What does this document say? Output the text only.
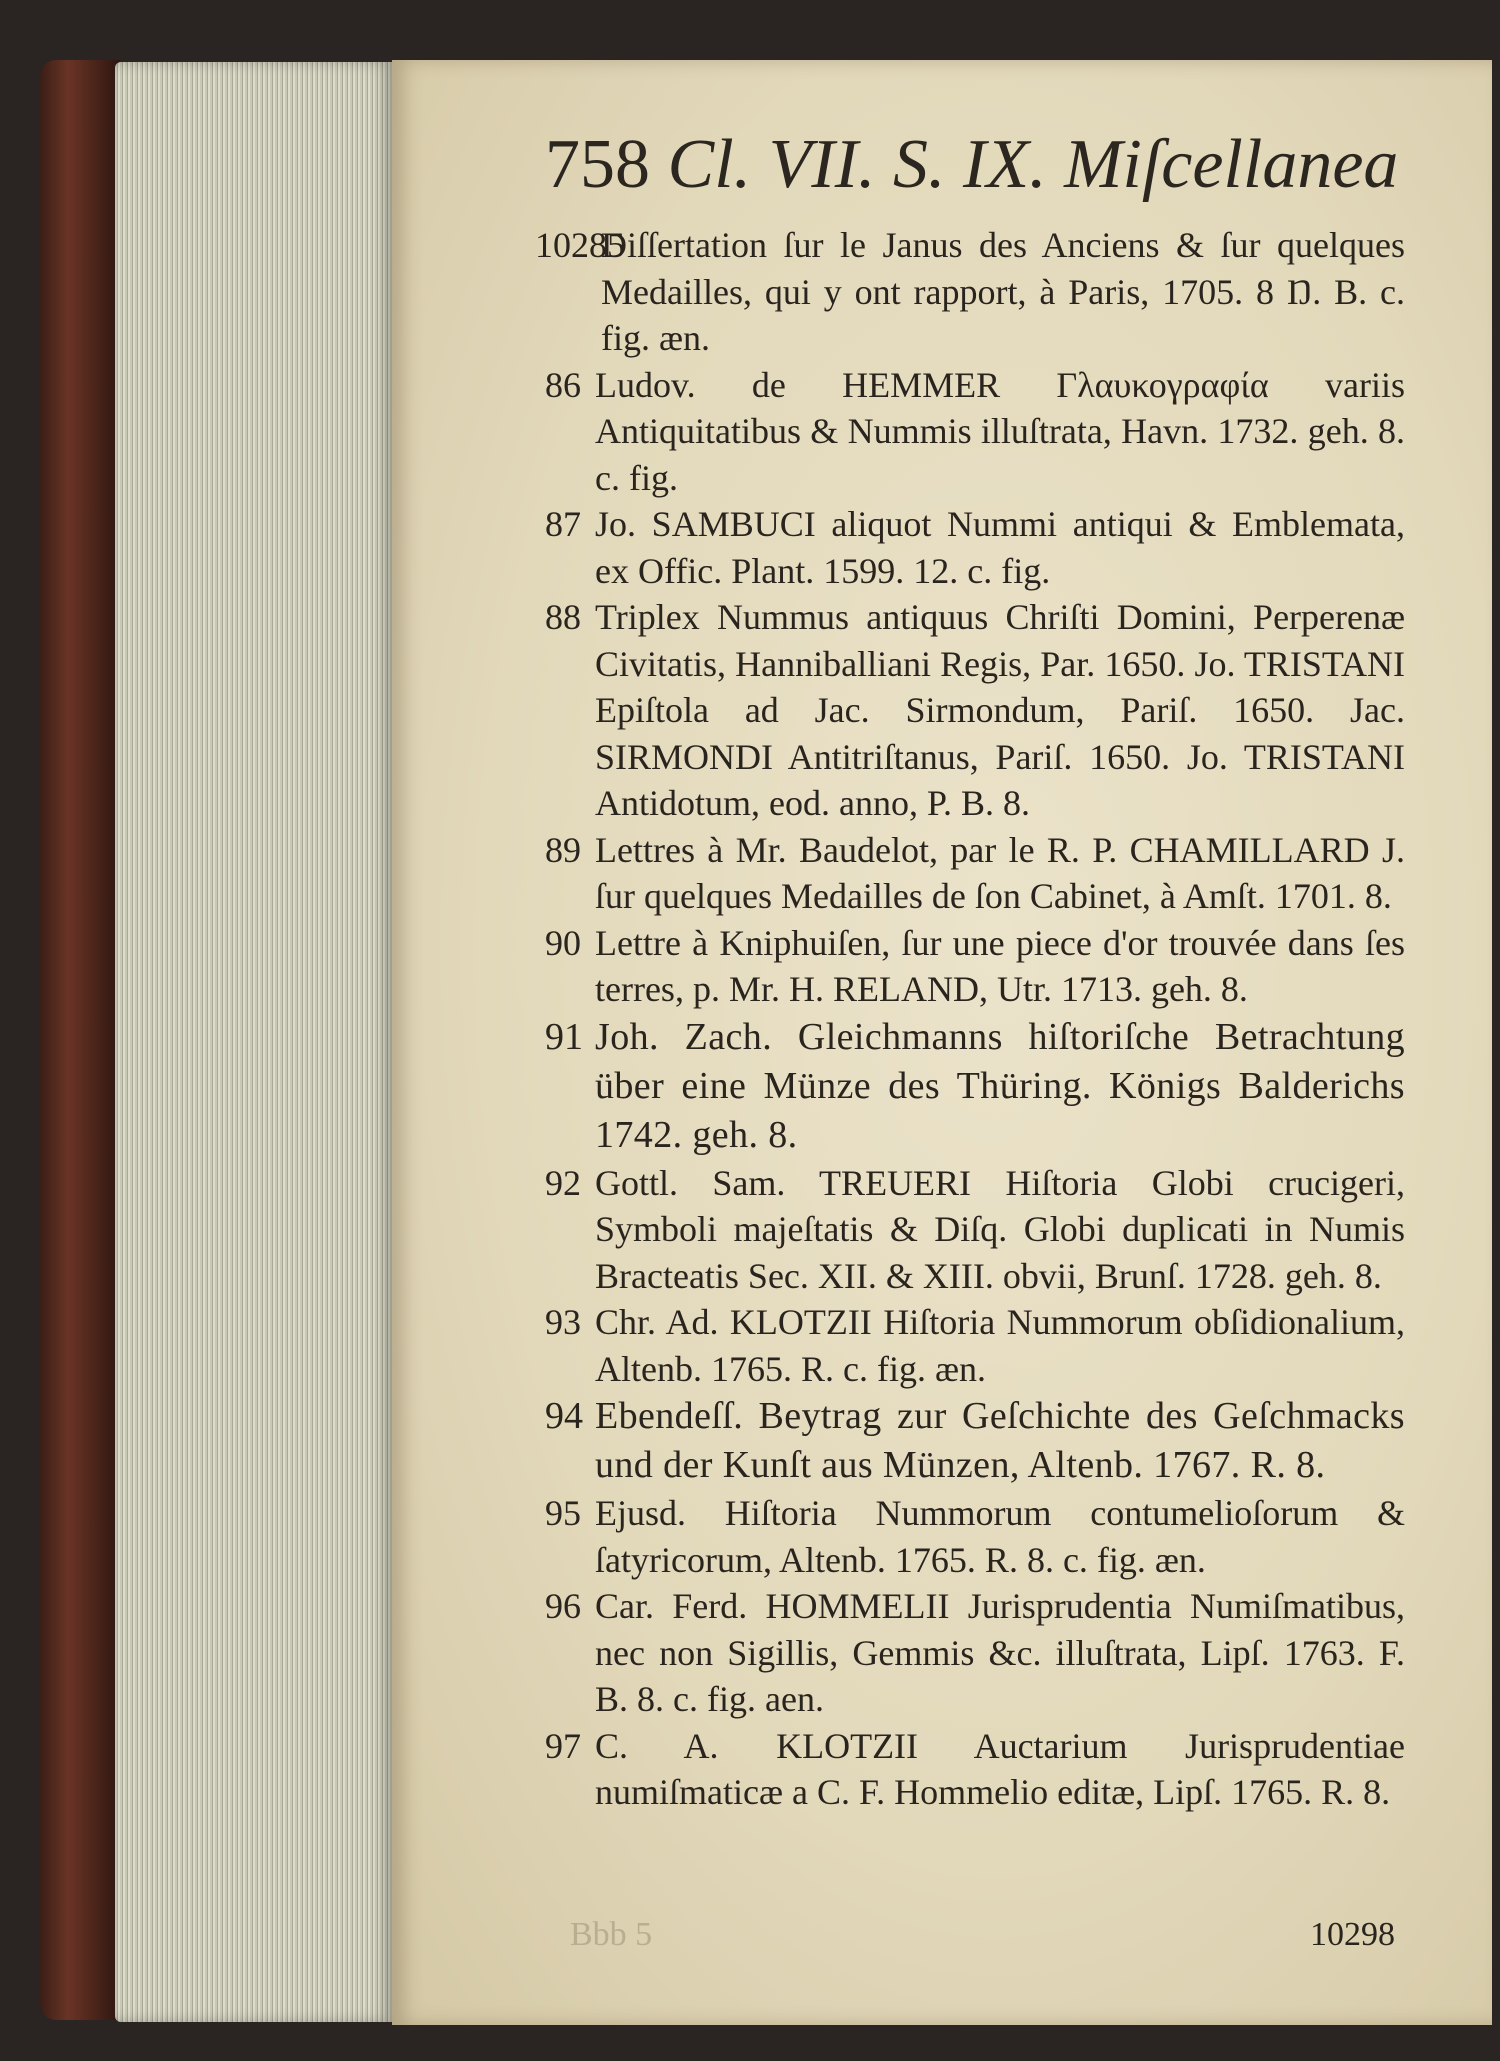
758 Cl. VII. S. IX. Miſcellanea
10285
Diſſertation ſur le Janus des Anciens & ſur quelques Medailles, qui y ont rapport, à Paris, 1705. 8 Ŋ. B. c. fig. æn.
86 Ludov. de HEMMER Γλαυκογραφία variis Antiquitatibus & Nummis illuſtrata, Havn. 1732. geh. 8. c. fig.
87 Jo. SAMBUCI aliquot Nummi antiqui & Emblemata, ex Offic. Plant. 1599. 12. c. fig.
88 Triplex Nummus antiquus Chriſti Domini, Perperenæ Civitatis, Hanniballiani Regis, Par. 1650. Jo. TRISTANI Epiſtola ad Jac. Sirmondum, Pariſ. 1650. Jac. SIRMONDI Antitriſtanus, Pariſ. 1650. Jo. TRISTANI Antidotum, eod. anno, P. B. 8.
89 Lettres à Mr. Baudelot, par le R. P. CHAMILLARD J. ſur quelques Medailles de ſon Cabinet, à Amſt. 1701. 8.
90 Lettre à Kniphuiſen, ſur une piece d'or trouvée dans ſes terres, p. Mr. H. RELAND, Utr. 1713. geh. 8.
91 Joh. Zach. Gleichmanns hiſtoriſche Betrachtung über eine Münze des Thüring. Königs Balderichs 1742. geh. 8.
92 Gottl. Sam. TREUERI Hiſtoria Globi crucigeri, Symboli majeſtatis & Diſq. Globi duplicati in Numis Bracteatis Sec. XII. & XIII. obvii, Brunſ. 1728. geh. 8.
93 Chr. Ad. KLOTZII Hiſtoria Nummorum obſidionalium, Altenb. 1765. R. c. fig. æn.
94 Ebendeſſ. Beytrag zur Geſchichte des Geſchmacks und der Kunſt aus Münzen, Altenb. 1767. R. 8.
95 Ejusd. Hiſtoria Nummorum contumelioſorum & ſatyricorum, Altenb. 1765. R. 8. c. fig. æn.
96 Car. Ferd. HOMMELII Jurisprudentia Numiſmatibus, nec non Sigillis, Gemmis &c. illuſtrata, Lipſ. 1763. F. B. 8. c. fig. aen.
97 C. A. KLOTZII Auctarium Jurisprudentiae numiſmaticæ a C. F. Hommelio editæ, Lipſ. 1765. R. 8.
Bbb 5	10298
